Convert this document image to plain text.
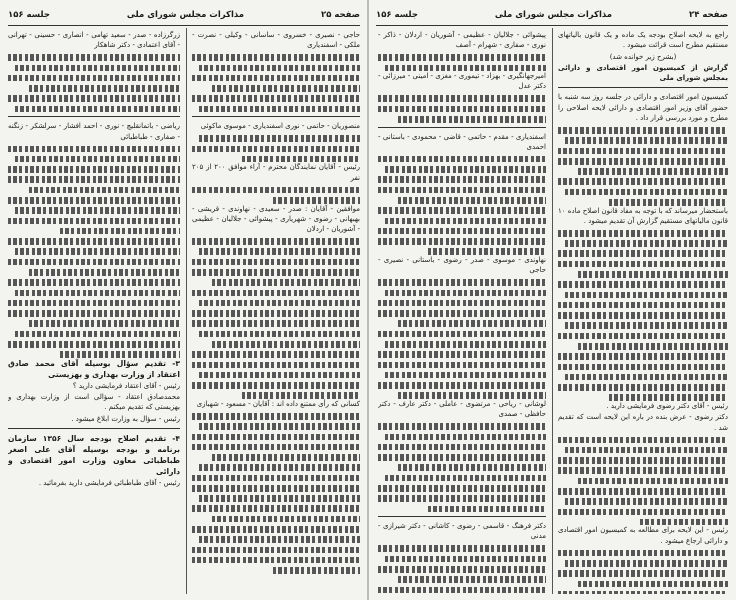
صفحه ۲۵
مذاکرات مجلس شورای ملی
جلسه ۱۵۶

زرگرزاده - صدر - سعید تهامی - انصاری - حسینی - تهرانی - آقای اعتمادی - دکتر شاهکار

ریاضی - باتمانقلیچ - نوری - احمد افشار - سرلشکر - زنگنه - صفاری - طباطبائی

۳- تقدیم سؤال بوسیله آقای محمد صادق اعتقاد از وزارت بهداری و بهزیستی

رئیس - آقای اعتقاد فرمایشی دارید ؟

محمدصادق اعتقاد - سؤالی است از وزارت بهداری و بهزیستی که تقدیم میکنم .

رئیس - سؤال به وزارت ابلاغ میشود .

۴- تقدیم اصلاح بودجه سال ۱۳۵۶ سازمان برنامه و بودجه بوسیله آقای علی اصغر طباطبائی معاون وزارت امور اقتصادی و دارائی

رئیس - آقای طباطبائی فرمایشی دارید بفرمائید .

حاجی - نصیری - خسروی - ساسانی - وکیلی - نصرت - ملکی - اسفندیاری

منصوریان - حاتمی - نوری اسفندیاری - موسوی ماکوئی

رئیس - آقایان نمایندگان محترم - آراء موافق ۲۰۰ از ۲۰۵ نفر

موافقین - آقایان : صدر - سعیدی - نهاوندی - قریشی - بهبهانی - رضوی - شهریاری - پیشوائی - جلالیان - عظیمی - آشوریان - اردلان

کسانی که رأی ممتنع داده اند : آقایان - مسعود - شهبازی

صفحه ۲۴
مذاکرات مجلس شورای ملی
جلسه ۱۵۶

پیشوائی - جلالیان - عظیمی - آشوریان - اردلان - ذاکر - نوری - صفاری - شهرام - آصف

امیرجهانگیری - بهزاد - تیموری - مغزی - امینی - میرزائی - دکتر عدل

اسفندیاری - مقدم - حاتمی - قاضی - محمودی - باستانی - احمدی

نهاوندی - موسوی - صدر - رضوی - باستانی - نصیری - حاجی

لوشانی - ریاحی - مرتضوی - عاملی - دکتر عارف - دکتر حافظی - صمدی

دکتر فرهنگ - قاسمی - رضوی - کاشانی - دکتر شیرازی - مدنی

راجع به لایحه اصلاح بودجه یک ماده و یک قانون بالیاتهای مستقیم مطرح است قرائت میشود .

(بشرح زیر خوانده شد)

گزارش از کمیسیون امور اقتصادی و دارائی بمجلس شورای ملی

کمیسیون امور اقتصادی و دارائی در جلسه روز سه شنبه با حضور آقای وزیر امور اقتصادی و دارائی لایحه اصلاحی را مطرح و مورد بررسی قرار داد .

باستحضار میرساند که با توجه به مفاد قانون اصلاح ماده ۱۰ قانون مالیاتهای مستقیم گزارش آن تقدیم میشود .

رئیس - آقای دکتر رضوی فرمایشی دارید .

دکتر رضوی - عرض بنده در باره این لایحه است که تقدیم شد .

رئیس - این لایحه برای مطالعه به کمیسیون امور اقتصادی و دارائی ارجاع میشود .
